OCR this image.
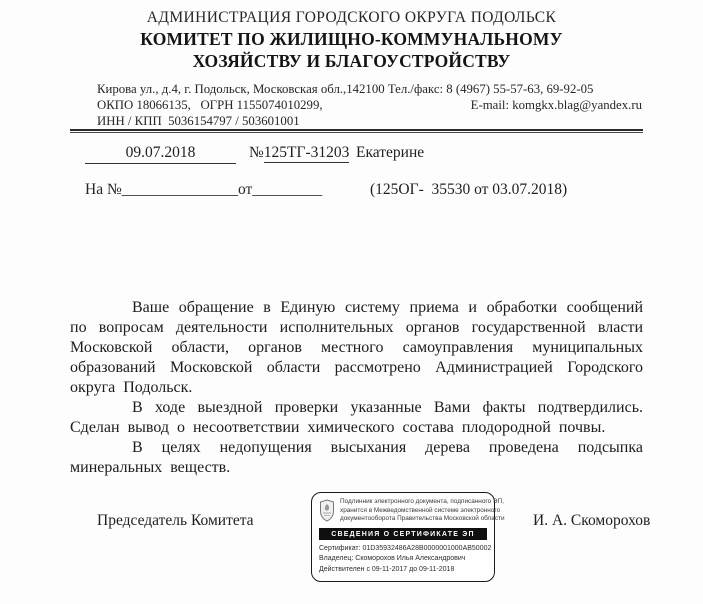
АДМИНИСТРАЦИЯ ГОРОДСКОГО ОКРУГА ПОДОЛЬСК
КОМИТЕТ ПО ЖИЛИЩНО-КОММУНАЛЬНОМУ
ХОЗЯЙСТВУ И БЛАГОУСТРОЙСТВУ
Кирова ул., д.4, г. Подольск, Московская обл.,142100 Тел./факс: 8 (4967) 55-57-63, 69-92-05
ОКПО 18066135,   ОГРН 1155074010299,	E-mail: komgkx.blag@yandex.ru
ИНН / КПП  5036154797 / 503601001
09.07.2018	№125ТГ-31203 Екатерине
На №_______________от_________	(125ОГ-  35530 от 03.07.2018)

Ваше обращение в Единую систему приема и обработки сообщений по вопросам деятельности исполнительных органов государственной власти Московской области, органов местного самоуправления муниципальных образований Московской области рассмотрено Администрацией Городского округа Подольск.

В ходе выездной проверки указанные Вами факты подтвердились. Сделан вывод о несоответствии химического состава плодородной почвы.

В целях недопущения высыхания дерева проведена подсыпка минеральных веществ.

Председатель Комитета	И. А. Скоморохов
Подлинник электронного документа, подписанного ЭП,
хранится в Межведомственной системе электронного
документооборота Правительства Московской области
СВЕДЕНИЯ О СЕРТИФИКАТЕ ЭП
Сертификат: 01D35932486A28B0000001000AB50002
Владелец: Скоморохов Илья Александрович
Действителен с 09-11-2017 до 09-11-2018
